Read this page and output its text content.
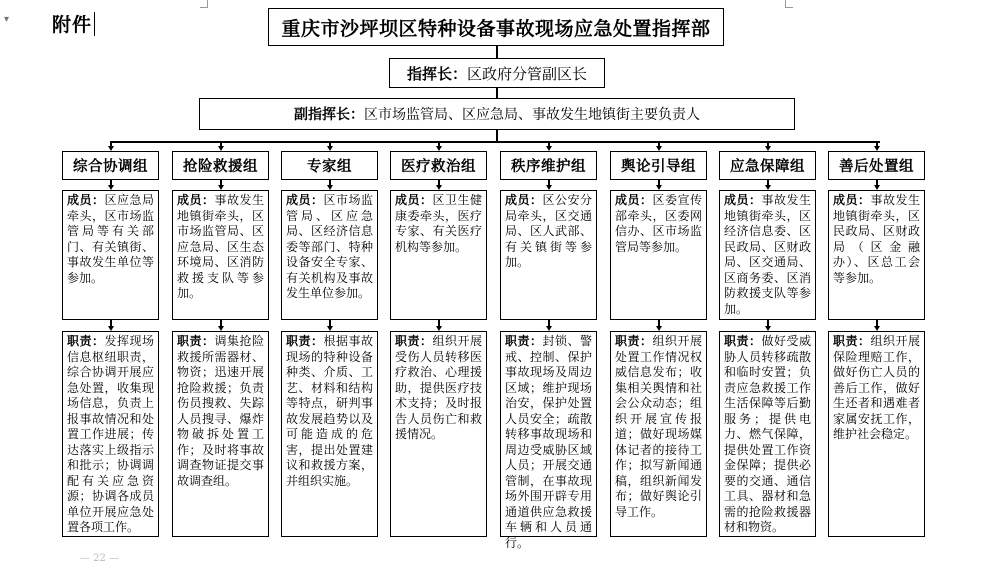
▾ 附件	重庆市沙坪坝区特种设备事故现场应急处置指挥部
指挥长： 区政府分管副区长
副指挥长： 区市场监管局、区应急局、事故发生地镇街主要负责人
综合协调组
成员：区应急局牵头，区市场监管局等有关部门、有关镇街、事故发生单位等参加。
职责：发挥现场信息枢纽职责，综合协调开展应急处置，收集现场信息，负责上报事故情况和处置工作进展；传达落实上级指示和批示；协调调配有关应急资源；协调各成员单位开展应急处置各项工作。
抢险救援组
成员：事故发生地镇街牵头，区市场监管局、区应急局、区生态环境局、区消防救援支队等参加。
职责：调集抢险救援所需器材、物资；迅速开展抢险救援；负责伤员搜救、失踪人员搜寻、爆炸物破拆处置工作；及时将事故调查物证提交事故调查组。
专家组
成员：区市场监管局、区应急局、区经济信息委等部门、特种设备安全专家、有关机构及事故发生单位参加。
职责：根据事故现场的特种设备种类、介质、工艺、材料和结构等特点，研判事故发展趋势以及可能造成的危害，提出处置建议和救援方案，并组织实施。
医疗救治组
成员：区卫生健康委牵头，医疗专家、有关医疗机构等参加。
职责：组织开展受伤人员转移医疗救治、心理援助，提供医疗技术支持；及时报告人员伤亡和救援情况。
秩序维护组
成员：区公安分局牵头，区交通局、区人武部、有关镇街等参加。
职责：封锁、警戒、控制、保护事故现场及周边区域；维护现场治安，保护处置人员安全；疏散转移事故现场和周边受威胁区域人员；开展交通管制，在事故现场外围开辟专用通道供应急救援车辆和人员通行。
舆论引导组
成员：区委宣传部牵头，区委网信办、区市场监管局等参加。
职责：组织开展处置工作情况权威信息发布；收集相关舆情和社会公众动态；组织开展宣传报道；做好现场媒体记者的接待工作；拟写新闻通稿，组织新闻发布；做好舆论引导工作。
应急保障组
成员：事故发生地镇街牵头，区经济信息委、区民政局、区财政局、区交通局、区商务委、区消防救援支队等参加。
职责：做好受威胁人员转移疏散和临时安置；负责应急救援工作生活保障等后勤服务；提供电力、燃气保障，提供处置工作资金保障；提供必要的交通、通信工具、器材和急需的抢险救援器材和物资。
善后处置组
成员：事故发生地镇街牵头，区民政局、区财政局（区金融办）、区总工会等参加。
职责：组织开展保险理赔工作，做好伤亡人员的善后工作，做好生还者和遇难者家属安抚工作，维护社会稳定。
— 22 —
